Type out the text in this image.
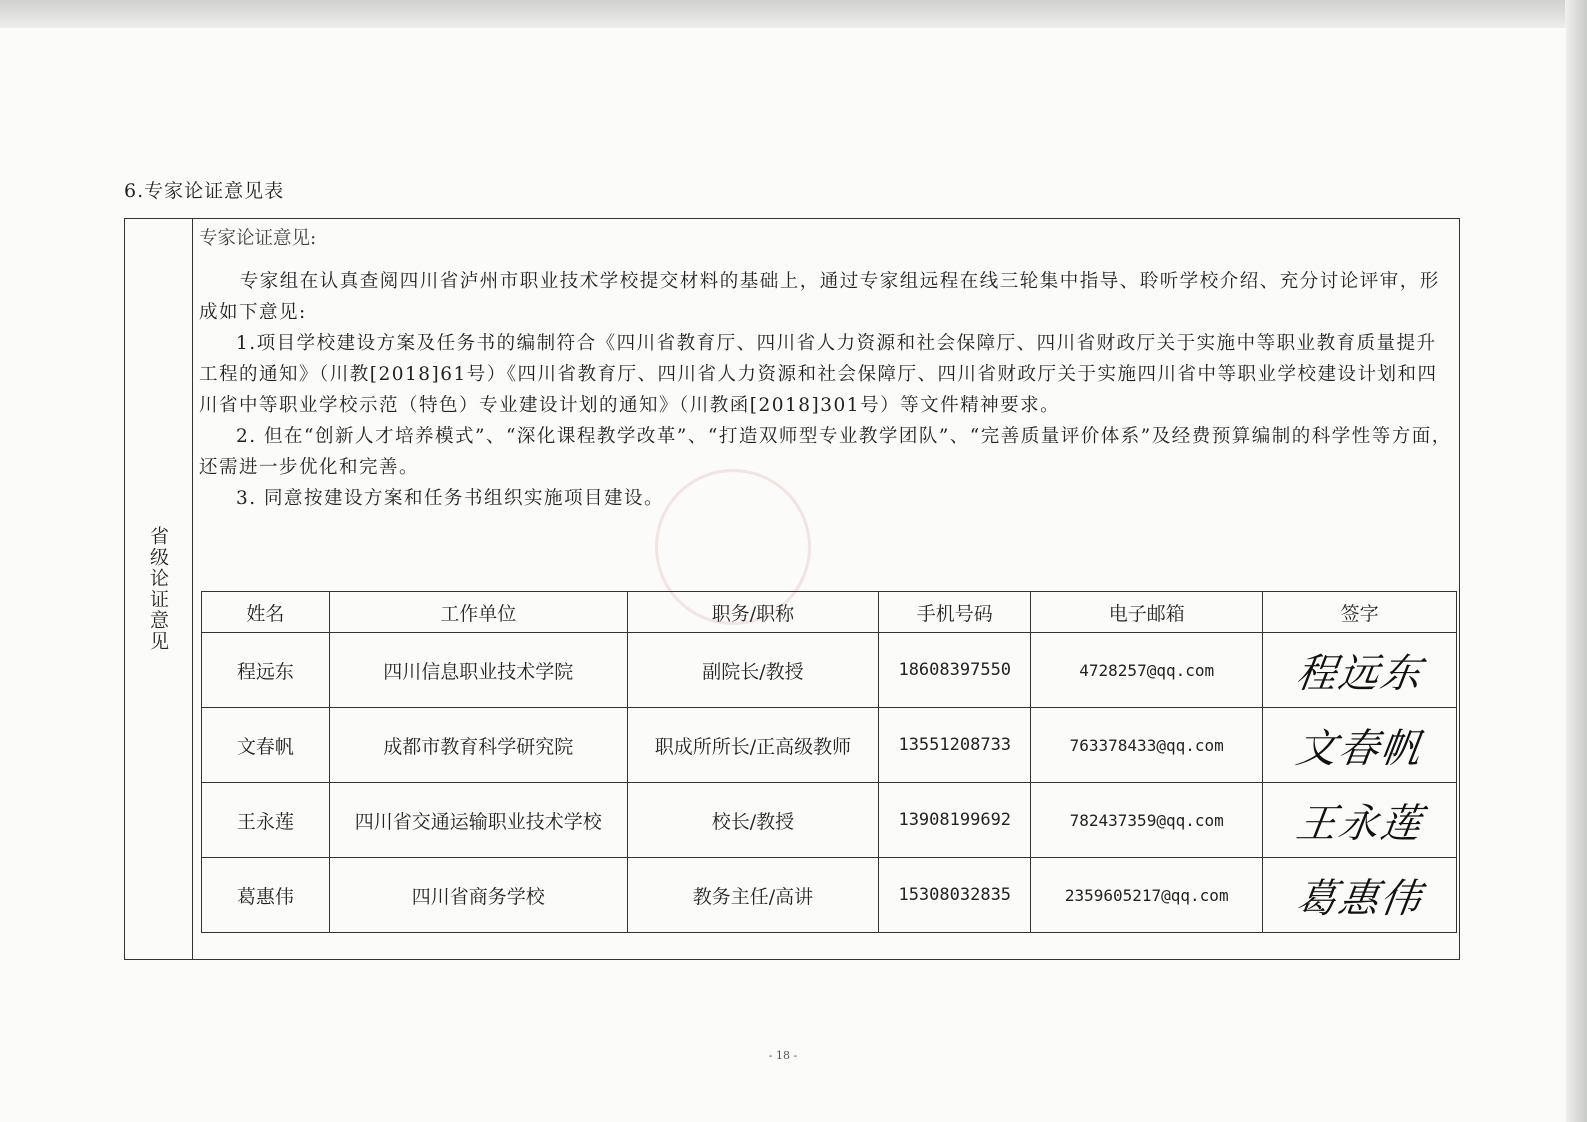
6.专家论证意见表
省级论证意见
专家论证意见:

专家组在认真查阅四川省泸州市职业技术学校提交材料的基础上，通过专家组远程在线三轮集中指导、聆听学校介绍、充分讨论评审，形成如下意见:

1.项目学校建设方案及任务书的编制符合《四川省教育厅、四川省人力资源和社会保障厅、四川省财政厅关于实施中等职业教育质量提升工程的通知》（川教[2018]61号）《四川省教育厅、四川省人力资源和社会保障厅、四川省财政厅关于实施四川省中等职业学校建设计划和四川省中等职业学校示范（特色）专业建设计划的通知》（川教函[2018]301号）等文件精神要求。

2. 但在“创新人才培养模式”、“深化课程教学改革”、“打造双师型专业教学团队”、“完善质量评价体系”及经费预算编制的科学性等方面，还需进一步优化和完善。

3. 同意按建设方案和任务书组织实施项目建设。

姓名	工作单位	职务/职称	手机号码	电子邮箱	签字
程远东	四川信息职业技术学院	副院长/教授	18608397550	4728257@qq.com	程远东
文春帆	成都市教育科学研究院	职成所所长/正高级教师	13551208733	763378433@qq.com	文春帆
王永莲	四川省交通运输职业技术学校	校长/教授	13908199692	782437359@qq.com	王永莲
葛惠伟	四川省商务学校	教务主任/高讲	15308032835	2359605217@qq.com	葛惠伟
- 18 -
